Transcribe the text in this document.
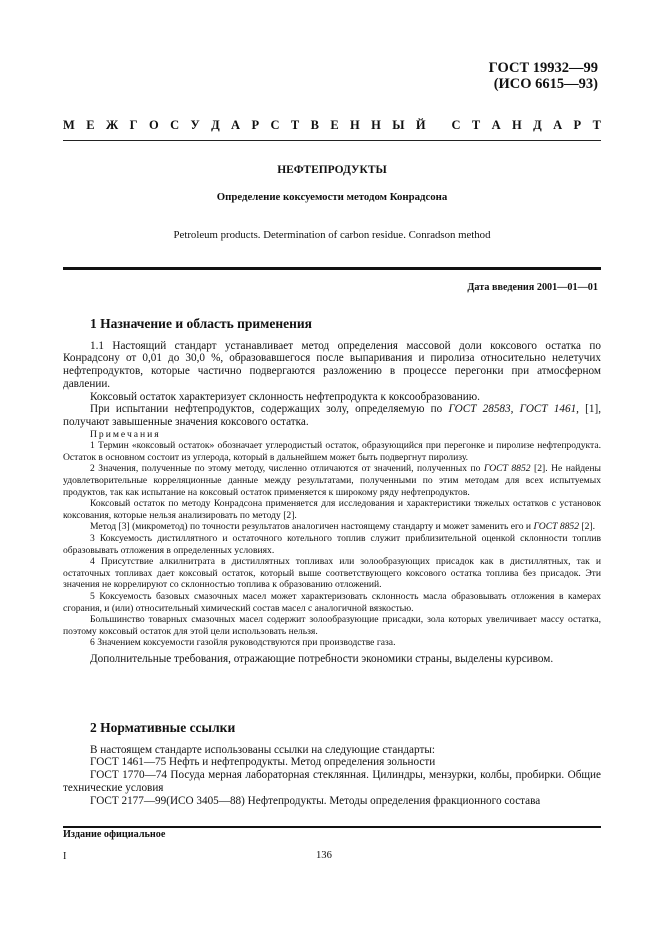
ГОСТ 19932—99
(ИСО 6615—93)
М Е Ж Г О С У Д А Р С Т В Е Н Н Ы Й
С Т А Н Д А Р Т
НЕФТЕПРОДУКТЫ
Определение коксуемости методом Конрадсона
Petroleum products. Determination of carbon residue. Conradson method
Дата введения 2001—01—01
1 Назначение и область применения

1.1 Настоящий стандарт устанавливает метод определения массовой доли коксового остатка по Конрадсону от 0,01 до 30,0 %, образовавшегося после выпаривания и пиролиза относительно нелетучих нефтепродуктов, которые частично подвергаются разложению в процессе перегонки при атмосферном давлении.

Коксовый остаток характеризует склонность нефтепродукта к коксообразованию.

При испытании нефтепродуктов, содержащих золу, определяемую по ГОСТ 28583, ГОСТ 1461, [1], получают завышенные значения коксового остатка.

Примечания

1 Термин «коксовый остаток» обозначает углеродистый остаток, образующийся при перегонке и пиролизе нефтепродукта. Остаток в основном состоит из углерода, который в дальнейшем может быть подвергнут пиролизу.

2 Значения, полученные по этому методу, численно отличаются от значений, полученных по ГОСТ 8852 [2]. Не найдены удовлетворительные корреляционные данные между результатами, полученными по этим методам для всех испытуемых продуктов, так как испытание на коксовый остаток применяется к широкому ряду нефтепродуктов.

Коксовый остаток по методу Конрадсона применяется для исследования и характеристики тяжелых остатков с установок коксования, которые нельзя анализировать по методу [2].

Метод [3] (микрометод) по точности результатов аналогичен настоящему стандарту и может заменить его и ГОСТ 8852 [2].

3 Коксуемость дистиллятного и остаточного котельного топлив служит приблизительной оценкой склонности топлив образовывать отложения в определенных условиях.

4 Присутствие алкилнитрата в дистиллятных топливах или золообразующих присадок как в дистиллятных, так и остаточных топливах дает коксовый остаток, который выше соответствующего коксового остатка топлива без присадок. Эти значения не коррелируют со склонностью топлива к образованию отложений.

5 Коксуемость базовых смазочных масел может характеризовать склонность масла образовывать отложения в камерах сгорания, и (или) относительный химический состав масел с аналогичной вязкостью.

Большинство товарных смазочных масел содержит золообразующие присадки, зола которых увеличивает массу остатка, поэтому коксовый остаток для этой цели использовать нельзя.

6 Значением коксуемости газойля руководствуются при производстве газа.

Дополнительные требования, отражающие потребности экономики страны, выделены курсивом.

2 Нормативные ссылки

В настоящем стандарте использованы ссылки на следующие стандарты:

ГОСТ 1461—75 Нефть и нефтепродукты. Метод определения зольности

ГОСТ 1770—74 Посуда мерная лабораторная стеклянная. Цилиндры, мензурки, колбы, пробирки. Общие технические условия

ГОСТ 2177—99(ИСО 3405—88) Нефтепродукты. Методы определения фракционного состава

Издание официальное
I	136
